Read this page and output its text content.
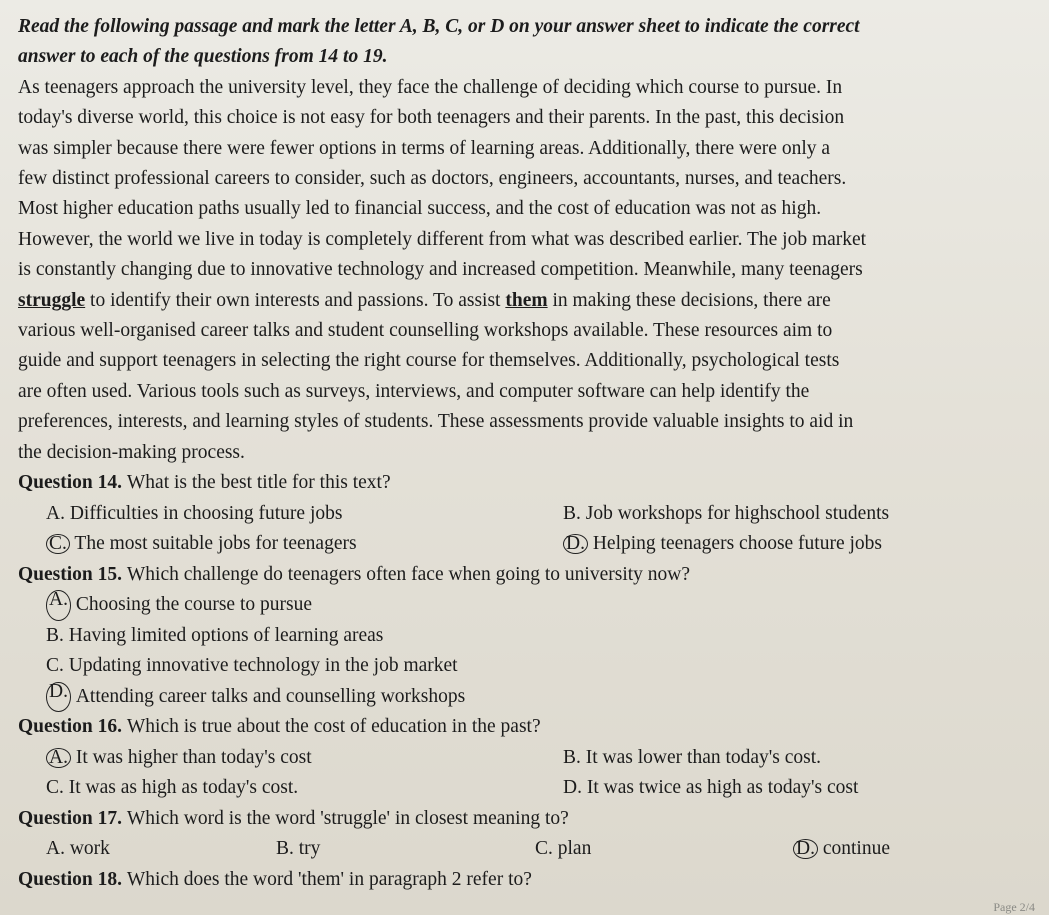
Read the following passage and mark the letter A, B, C, or D on your answer sheet to indicate the correct
answer to each of the questions from 14 to 19.
As teenagers approach the university level, they face the challenge of deciding which course to pursue. In
today's diverse world, this choice is not easy for both teenagers and their parents. In the past, this decision
was simpler because there were fewer options in terms of learning areas. Additionally, there were only a
few distinct professional careers to consider, such as doctors, engineers, accountants, nurses, and teachers.
Most higher education paths usually led to financial success, and the cost of education was not as high.
However, the world we live in today is completely different from what was described earlier. The job market
is constantly changing due to innovative technology and increased competition. Meanwhile, many teenagers
struggle to identify their own interests and passions. To assist them in making these decisions, there are
various well-organised career talks and student counselling workshops available. These resources aim to
guide and support teenagers in selecting the right course for themselves. Additionally, psychological tests
are often used. Various tools such as surveys, interviews, and computer software can help identify the
preferences, interests, and learning styles of students. These assessments provide valuable insights to aid in
the decision-making process.
Question 14. What is the best title for this text?
A. Difficulties in choosing future jobs	B. Job workshops for highschool students
C. The most suitable jobs for teenagers	D. Helping teenagers choose future jobs
Question 15. Which challenge do teenagers often face when going to university now?
A.
Choosing the course to pursue
B.
Having limited options of learning areas
C.
Updating innovative technology in the job market
D.
Attending career talks and counselling workshops
Question 16. Which is true about the cost of education in the past?
A. It was higher than today's cost	B. It was lower than today's cost.
C. It was as high as today's cost.	D. It was twice as high as today's cost
Question 17. Which word is the word 'struggle' in closest meaning to?
A. work	B. try	C. plan	D. continue
Question 18. Which does the word 'them' in paragraph 2 refer to?
Page 2/4
